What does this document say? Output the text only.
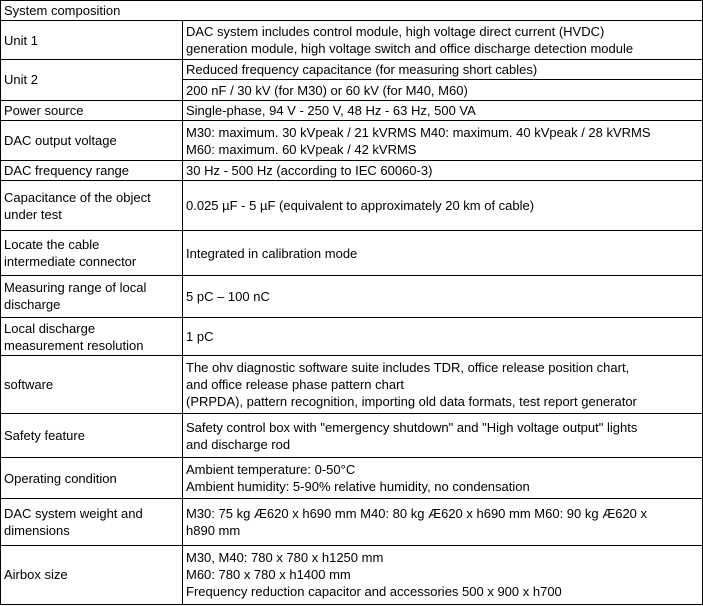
System composition	

Unit 1	DAC system includes control module, high voltage direct current (HVDC)
generation module, high voltage switch and office discharge detection module

Unit 2	Reduced frequency capacitance (for measuring short cables)

	200 nF / 30 kV (for M30) or 60 kV (for M40, M60)

Power source	Single-phase, 94 V - 250 V, 48 Hz - 63 Hz, 500 VA

DAC output voltage	M30: maximum. 30 kVpeak / 21 kVRMS M40: maximum. 40 kVpeak / 28 kVRMS
M60: maximum. 60 kVpeak / 42 kVRMS

DAC frequency range	30 Hz - 500 Hz (according to IEC 60060-3)

Capacitance of the object
under test	0.025 µF - 5 µF (equivalent to approximately 20 km of cable)

Locate the cable
intermediate connector	Integrated in calibration mode

Measuring range of local
discharge	5 pC – 100 nC

Local discharge
measurement resolution	1 pC

software	The ohv diagnostic software suite includes TDR, office release position chart,
and office release phase pattern chart
(PRPDA), pattern recognition, importing old data formats, test report generator

Safety feature	Safety control box with "emergency shutdown" and "High voltage output" lights
and discharge rod

Operating condition	Ambient temperature: 0-50°C
Ambient humidity: 5-90% relative humidity, no condensation

DAC system weight and
dimensions	M30: 75 kg Æ620 x h690 mm M40: 80 kg Æ620 x h690 mm M60: 90 kg Æ620 x
h890 mm

Airbox size	M30, M40: 780 x 780 x h1250 mm
M60: 780 x 780 x h1400 mm
Frequency reduction capacitor and accessories 500 x 900 x h700
